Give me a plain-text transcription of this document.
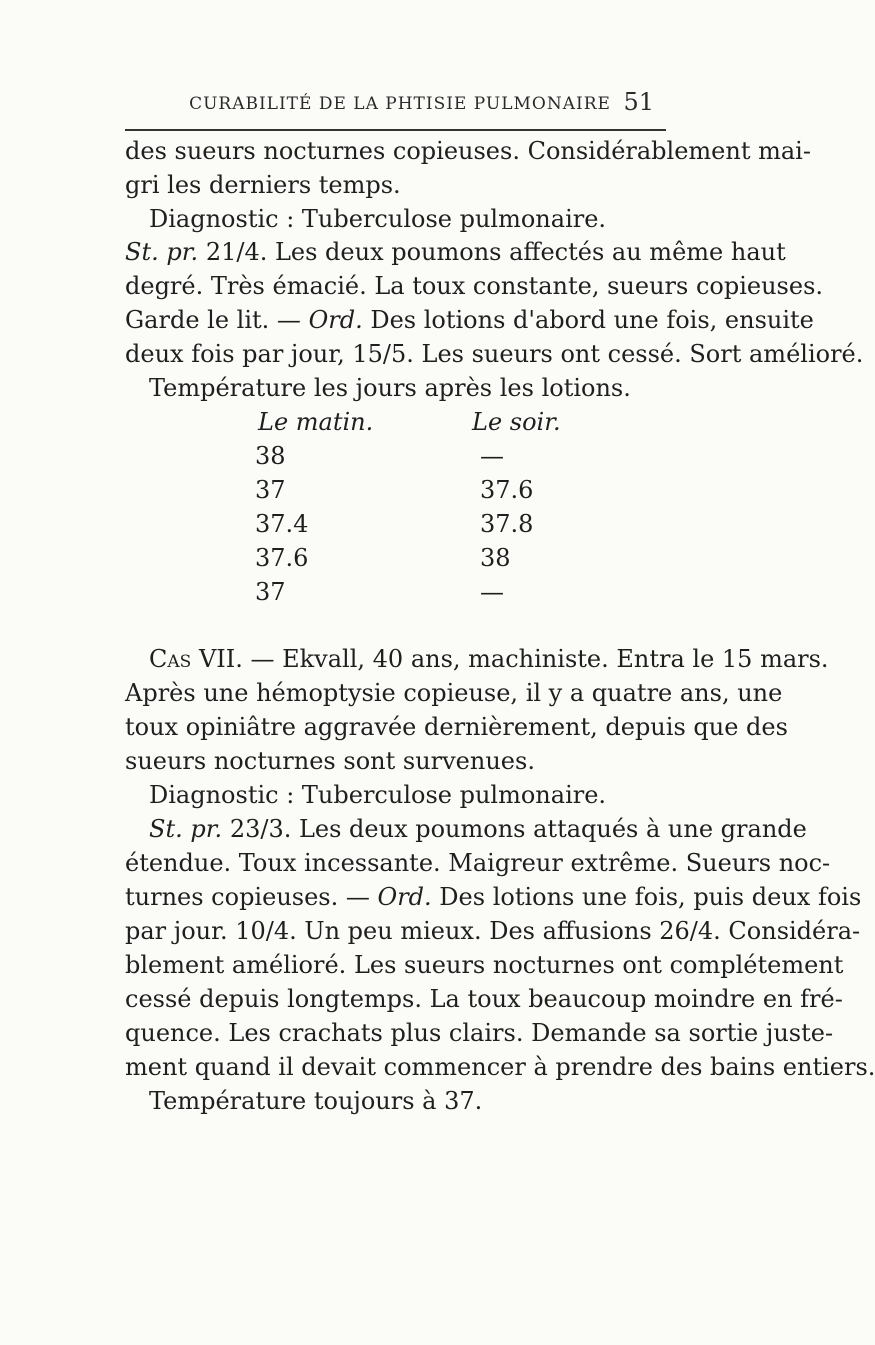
CURABILITÉ DE LA PHTISIE PULMONAIRE 51
des sueurs nocturnes copieuses. Considérablement mai-
gri les derniers temps.
Diagnostic : Tuberculose pulmonaire.
St. pr. 21/4. Les deux poumons affectés au même haut
degré. Très émacié. La toux constante, sueurs copieuses.
Garde le lit. — Ord. Des lotions d'abord une fois, ensuite
deux fois par jour, 15/5. Les sueurs ont cessé. Sort amélioré.
Température les jours après les lotions.
Le matin.	Le soir.
38	—
37	37.6
37.4	37.8
37.6	38
37	—
Cas VII. — Ekvall, 40 ans, machiniste. Entra le 15 mars.
Après une hémoptysie copieuse, il y a quatre ans, une
toux opiniâtre aggravée dernièrement, depuis que des
sueurs nocturnes sont survenues.
Diagnostic : Tuberculose pulmonaire.
St. pr. 23/3. Les deux poumons attaqués à une grande
étendue. Toux incessante. Maigreur extrême. Sueurs noc-
turnes copieuses. — Ord. Des lotions une fois, puis deux fois
par jour. 10/4. Un peu mieux. Des affusions 26/4. Considéra-
blement amélioré. Les sueurs nocturnes ont complétement
cessé depuis longtemps. La toux beaucoup moindre en fré-
quence. Les crachats plus clairs. Demande sa sortie juste-
ment quand il devait commencer à prendre des bains entiers.
Température toujours à 37.
